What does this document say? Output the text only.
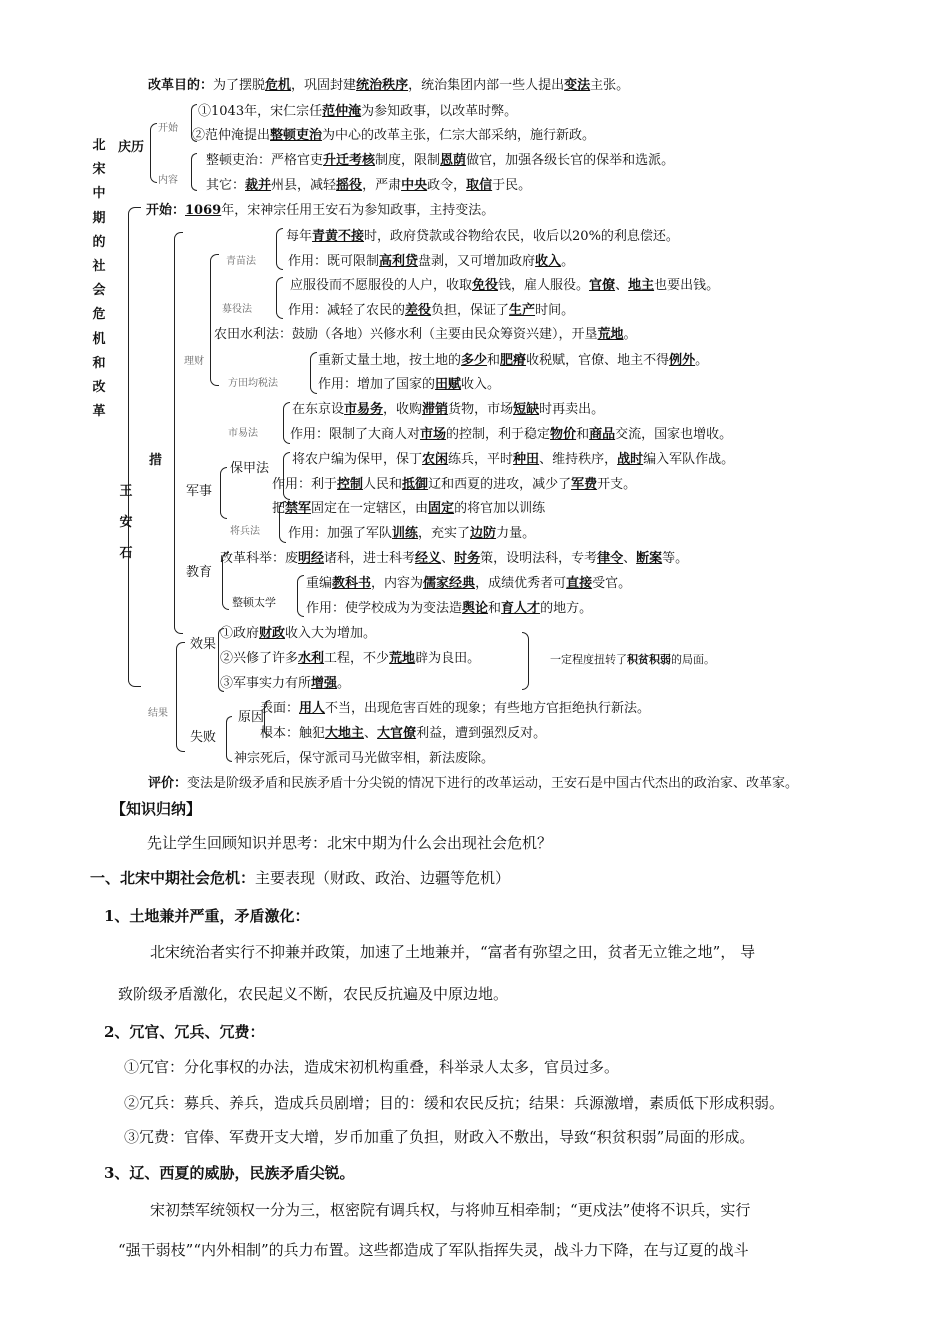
改革目的：为了摆脱危机，巩固封建统治秩序，统治集团内部一些人提出变法主张。
北
宋
中
期
的
社
会
危
机
和
改
革
庆历
开始
内容
①1043年，宋仁宗任范仲淹为参知政事，以改革时弊。
②范仲淹提出整顿吏治为中心的改革主张，仁宗大部采纳，施行新政。
整顿吏治：严格官吏升迁考核制度，限制恩荫做官，加强各级长官的保举和选派。
其它：裁并州县，减轻摇役，严肃中央政令，取信于民。
王
安
石
开始：1069年，宋神宗任用王安石为参知政事，主持变法。
措
理财
青苗法
每年青黄不接时，政府贷款或谷物给农民，收后以20%的利息偿还。
作用：既可限制高利贷盘剥，又可增加政府收入。
募役法
应服役而不愿服役的人户，收取免役钱，雇人服役。官僚、地主也要出钱。
作用：减轻了农民的差役负担，保证了生产时间。
农田水利法：鼓励（各地）兴修水利（主要由民众筹资兴建），开垦荒地。
方田均税法
重新丈量土地，按土地的多少和肥瘠收税赋，官僚、地主不得例外。
作用：增加了国家的田赋收入。
市易法
在东京设市易务，收购滞销货物，市场短缺时再卖出。
作用：限制了大商人对市场的控制，利于稳定物价和商品交流，国家也增收。
军事
保甲法
将农户编为保甲，保丁农闲练兵，平时种田、维持秩序，战时编入军队作战。
作用：利于控制人民和抵御辽和西夏的进攻，减少了军费开支。
将兵法
把禁军固定在一定辖区，由固定的将官加以训练
作用：加强了军队训练，充实了边防力量。
教育
改革科举：废明经诸科，进士科考经义、时务策，设明法科，专考律令、断案等。
整顿太学
重编教科书，内容为儒家经典，成绩优秀者可直接受官。
作用：使学校成为为变法造舆论和育人才的地方。
结果
效果
①政府财政收入大为增加。
②兴修了许多水利工程，不少荒地辟为良田。
③军事实力有所增强。
一定程度扭转了积贫积弱的局面。
失败
原因
表面：用人不当，出现危害百姓的现象；有些地方官拒绝执行新法。
根本：触犯大地主、大官僚利益，遭到强烈反对。
神宗死后，保守派司马光做宰相，新法废除。
评价：变法是阶级矛盾和民族矛盾十分尖锐的情况下进行的改革运动，王安石是中国古代杰出的政治家、改革家。
【知识归纳】
先让学生回顾知识并思考：北宋中期为什么会出现社会危机？
一、北宋中期社会危机：主要表现（财政、政治、边疆等危机）
1、土地兼并严重，矛盾激化：
北宋统治者实行不抑兼并政策，加速了土地兼并，“富者有弥望之田，贫者无立锥之地”， 导
致阶级矛盾激化，农民起义不断，农民反抗遍及中原边地。
2、冗官、冗兵、冗费：
①冗官：分化事权的办法，造成宋初机构重叠，科举录人太多，官员过多。
②冗兵：募兵、养兵，造成兵员剧增；目的：缓和农民反抗；结果：兵源激增，素质低下形成积弱。
③冗费：官俸、军费开支大增，岁币加重了负担，财政入不敷出，导致“积贫积弱”局面的形成。
3、辽、西夏的威胁，民族矛盾尖锐。
宋初禁军统领权一分为三，枢密院有调兵权，与将帅互相牵制；“更戍法”使将不识兵，实行
“强干弱枝”“内外相制”的兵力布置。这些都造成了军队指挥失灵，战斗力下降，在与辽夏的战斗
